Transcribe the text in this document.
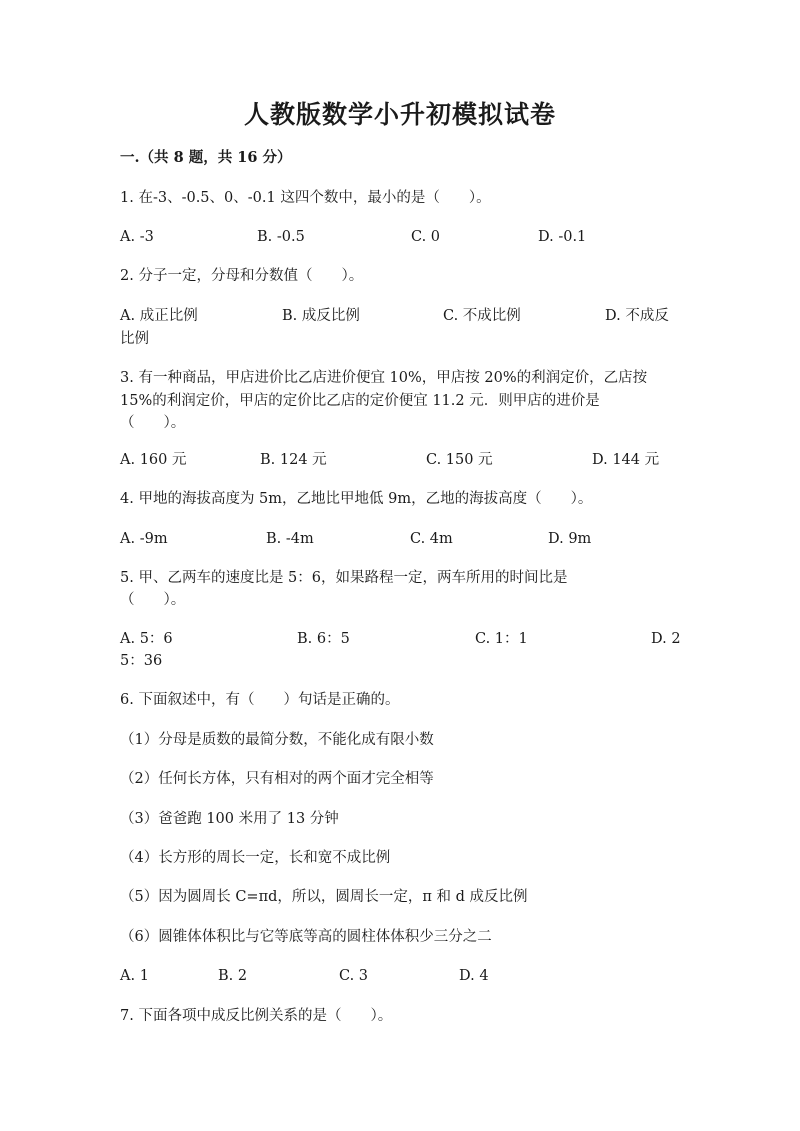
人教版数学小升初模拟试卷
一.（共 8 题，共 16 分）
1. 在-3、-0.5、0、-0.1 这四个数中，最小的是（　　）。
A. -3	B. -0.5	C. 0	D. -0.1
2. 分子一定，分母和分数值（　　）。
A. 成正比例	B. 成反比例	C. 不成比例	D. 不成反
比例
3. 有一种商品，甲店进价比乙店进价便宜 10%，甲店按 20%的利润定价，乙店按
15%的利润定价，甲店的定价比乙店的定价便宜 11.2 元．则甲店的进价是
（　　）。
A. 160 元	B. 124 元	C. 150 元	D. 144 元
4. 甲地的海拔高度为 5m，乙地比甲地低 9m，乙地的海拔高度（　　）。
A. -9m	B. -4m	C. 4m	D. 9m
5. 甲、乙两车的速度比是 5：6，如果路程一定，两车所用的时间比是
（　　）。
A. 5：6	B. 6：5	C. 1：1	D. 2
5：36
6. 下面叙述中，有（　　）句话是正确的。
（1）分母是质数的最简分数，不能化成有限小数
（2）任何长方体，只有相对的两个面才完全相等
（3）爸爸跑 100 米用了 13 分钟
（4）长方形的周长一定，长和宽不成比例
（5）因为圆周长 C=πd，所以，圆周长一定，π 和 d 成反比例
（6）圆锥体体积比与它等底等高的圆柱体体积少三分之二
A. 1	B. 2	C. 3	D. 4
7. 下面各项中成反比例关系的是（　　）。
